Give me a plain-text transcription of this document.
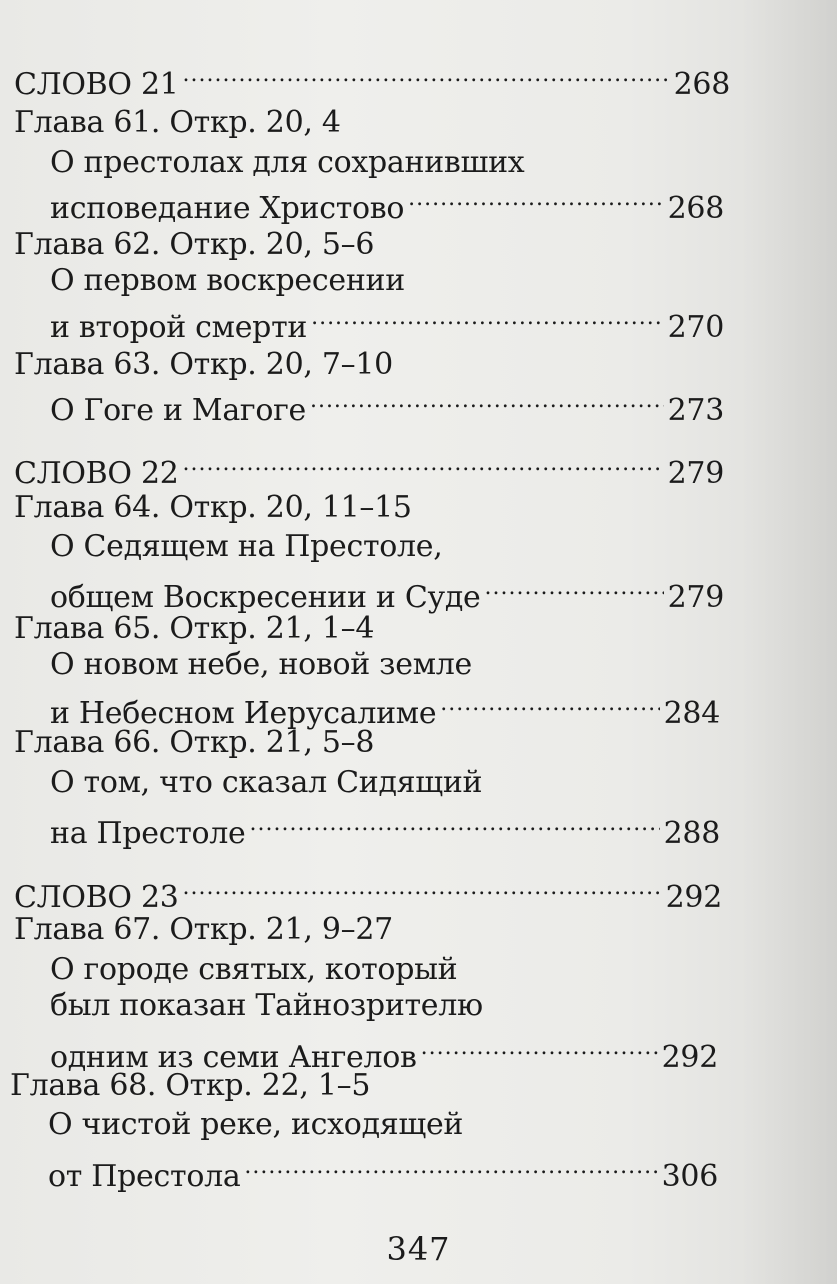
СЛОВО 21 .....	268
Глава 61. Откр. 20, 4
О престолах для сохранивших
исповедание Христово .....	268
Глава 62. Откр. 20, 5–6
О первом воскресении
и второй смерти .....	270
Глава 63. Откр. 20, 7–10
О Гоге и Магоге .....	273
СЛОВО 22 .....	279
Глава 64. Откр. 20, 11–15
О Седящем на Престоле,
общем Воскресении и Суде .....	279
Глава 65. Откр. 21, 1–4
О новом небе, новой земле
и Небесном Иерусалиме .....	284
Глава 66. Откр. 21, 5–8
О том, что сказал Сидящий
на Престоле .....	288
СЛОВО 23 .....	292
Глава 67. Откр. 21, 9–27
О городе святых, который
был показан Тайнозрителю
одним из семи Ангелов .....	292
Глава 68. Откр. 22, 1–5
О чистой реке, исходящей
от Престола .....	306
347
